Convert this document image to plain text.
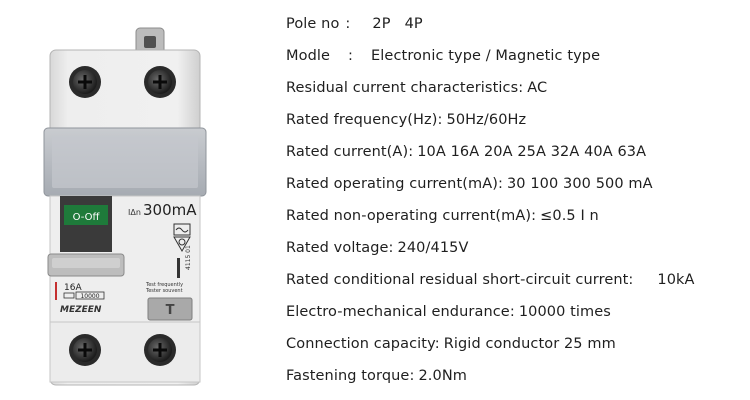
O-Off	IΔn 300mA
4115 01
Test frequently
Tester souvent
16A
10000
MEZEEN	T
Pole no : 2P 4P
Modle : Electronic type / Magnetic type
Residual current characteristics: AC
Rated frequency(Hz): 50Hz/60Hz
Rated current(A): 10A 16A 20A 25A 32A 40A 63A
Rated operating current(mA): 30 100 300 500 mA
Rated non-operating current(mA): ≤0.5 I n
Rated voltage: 240/415V
Rated conditional residual short-circuit current: 10kA
Electro-mechanical endurance: 10000 times
Connection capacity: Rigid conductor 25 mm
Fastening torque: 2.0Nm
